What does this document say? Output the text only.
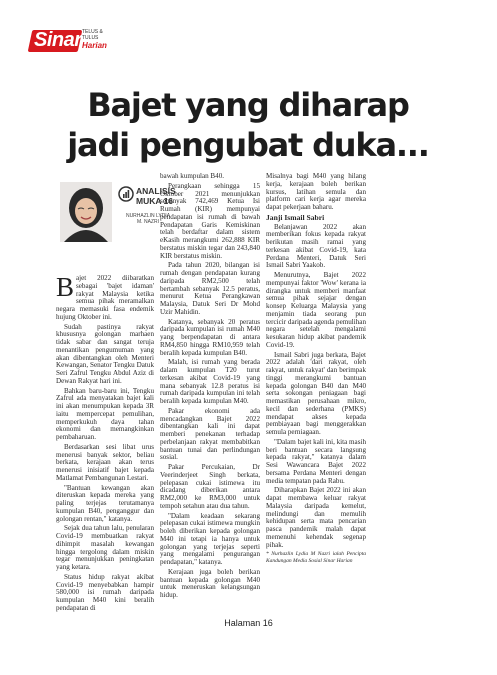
Sinar TELUS & TULUS
Harian
Bajet yang diharap
jadi pengubat duka...
ANALISIS
MUKA 16
NURHAZLIN LYDIA
M. NAZRI

Bajet 2022 diibaratkan sebagai 'bajet idaman' rakyat Malaysia ketika semua pihak meramalkan negara memasuki fasa endemik hujung Oktober ini.

Sudah pastinya rakyat khususnya golongan marhaen tidak sabar dan sangat teruja menantikan pengumuman yang akan dibentangkan oleh Menteri Kewangan, Senator Tengku Datuk Seri Zafrul Tengku Abdul Aziz di Dewan Rakyat hari ini.

Bahkan baru-baru ini, Tengku Zafrul ada menyatakan bajet kali ini akan menumpukan kepada 3R iaitu mempercepat pemulihan, memperkukuh daya tahan ekonomi dan memangkinkan pembaharuan.

Berdasarkan sesi libat urus menerusi banyak sektor, beliau berkata, kerajaan akan terus menerusi inisiatif bajet kepada Matlamat Pembangunan Lestari.

"Bantuan kewangan akan diteruskan kepada mereka yang paling terjejas terutamanya kumpulan B40, penganggur dan golongan rentan," katanya.

Sejak dua tahun lalu, penularan Covid-19 membuatkan rakyat dihimpit masalah kewangan hingga tergolong dalam miskin tegar menunjukkan peningkatan yang ketara.

Status hidup rakyat akibat Covid-19 menyebabkan hampir 580,000 isi rumah daripada kumpulan M40 kini beralih pendapatan di

bawah kumpulan B40.

Perangkaan sehingga 15 Oktober 2021 menunjukkan sebanyak 742,469 Ketua Isi Rumah (KIR) mempunyai pendapatan isi rumah di bawah Pendapatan Garis Kemiskinan telah berdaftar dalam sistem eKasih merangkumi 262,888 KIR berstatus miskin tegar dan 243,840 KIR berstatus miskin.

Pada tahun 2020, bilangan isi rumah dengan pendapatan kurang daripada RM2,500 telah bertambah sebanyak 12.5 peratus, menurut Ketua Perangkawan Malaysia, Datuk Seri Dr Mohd Uzir Mahidin.

Katanya, sebanyak 20 peratus daripada kumpulan isi rumah M40 yang berpendapatan di antara RM4,850 hingga RM10,959 telah beralih kepada kumpulan B40.

Malah, isi rumah yang berada dalam kumpulan T20 turut terkesan akibat Covid-19 yang mana sebanyak 12.8 peratus isi rumah daripada kumpulan ini telah beralih kepada kumpulan M40.

Pakar ekonomi ada mencadangkan Bajet 2022 dibentangkan kali ini dapat memberi penekanan terhadap perbelanjaan rakyat membabitkan bantuan tunai dan perlindungan sosial.

Pakar Percukaian, Dr Veerinderjeet Singh berkata, pelepasan cukai istimewa itu dicadang diberikan antara RM2,000 ke RM3,000 untuk tempoh setahun atau dua tahun.

"Dalam keadaan sekarang pelepasan cukai istimewa mungkin boleh diberikan kepada golongan M40 ini tetapi ia hanya untuk golongan yang terjejas seperti yang mengalami pengurangan pendapatan," katanya.

Kerajaan juga boleh berikan bantuan kepada golongan M40 untuk meneruskan kelangsungan hidup.

Misalnya bagi M40 yang hilang kerja, kerajaan boleh berikan kursus, latihan semula dan platform cari kerja agar mereka dapat pekerjaan baharu.

Janji Ismail Sabri

Belanjawan 2022 akan memberikan fokus kepada rakyat berikutan masih ramai yang terkesan akibat Covid-19, kata Perdana Menteri, Datuk Seri Ismail Sabri Yaakob.

Menurutnya, Bajet 2022 mempunyai faktor 'Wow' kerana ia dirangka untuk memberi manfaat semua pihak sejajar dengan konsep Keluarga Malaysia yang menjamin tiada seorang pun tercicir daripada agenda pemulihan negara setelah mengalami kesukaran hidup akibat pandemik Covid-19.

Ismail Sabri juga berkata, Bajet 2022 adalah 'dari rakyat, oleh rakyat, untuk rakyat' dan berimpak tinggi merangkumi bantuan kepada golongan B40 dan M40 serta sokongan peniagaan bagi memastikan perusahaan mikro, kecil dan sederhana (PMKS) mendapat akses kepada pembiayaan bagi menggerakkan semula perniagaan.

"Dalam bajet kali ini, kita masih beri bantuan secara langsung kepada rakyat," katanya dalam Sesi Wawancara Bajet 2022 bersama Perdana Menteri dengan media tempatan pada Rabu.

Diharapkan Bajet 2022 ini akan dapat membawa keluar rakyat Malaysia daripada kemelut, melindungi dan memulih kehidupan serta mata pencarian pasca pandemik malah dapat memenuhi kehendak segenap pihak.

* Nurhazlin Lydia M Nazri ialah Pencipta Kandungan Media Sosial Sinar Harian

Halaman 16
